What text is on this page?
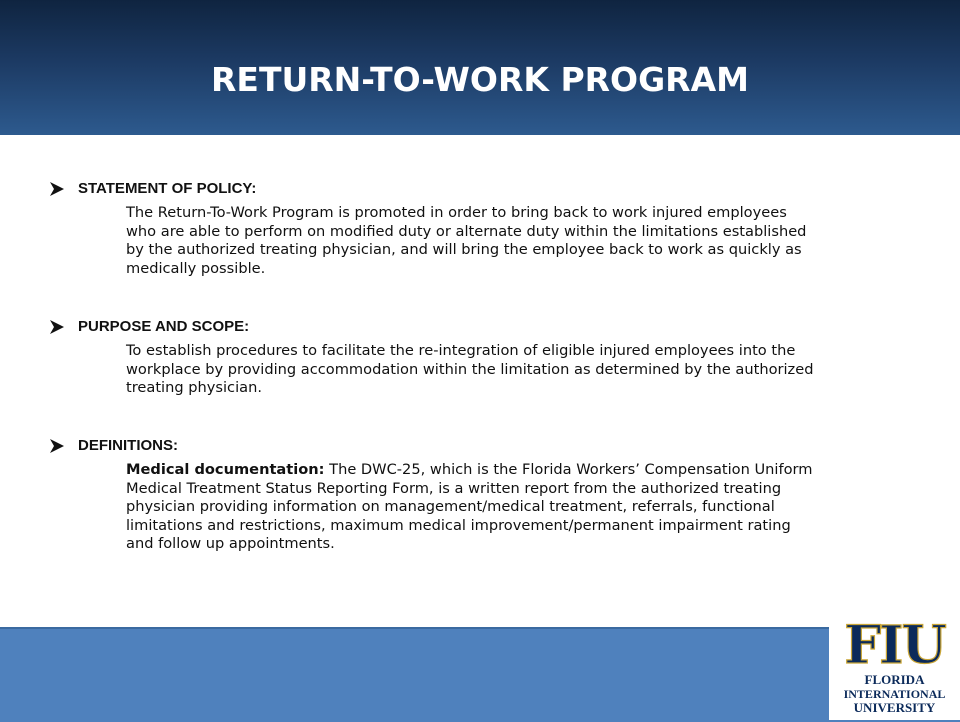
RETURN-TO-WORK PROGRAM
STATEMENT OF POLICY:
The Return-To-Work Program is promoted in order to bring back to work injured employees who are able to perform on modified duty or alternate duty within the limitations established by the authorized treating physician, and will bring the employee back to work as quickly as medically possible.
PURPOSE AND SCOPE:
To establish procedures to facilitate the re-integration of eligible injured employees into the workplace by providing accommodation within the limitation as determined by the authorized treating physician.
DEFINITIONS:
Medical documentation: The DWC-25, which is the Florida Workers’ Compensation Uniform Medical Treatment Status Reporting Form, is a written report from the authorized treating physician providing information on management/medical treatment, referrals, functional limitations and restrictions, maximum medical improvement/permanent impairment rating and follow up appointments.
FIU
FLORIDA
INTERNATIONAL
UNIVERSITY
